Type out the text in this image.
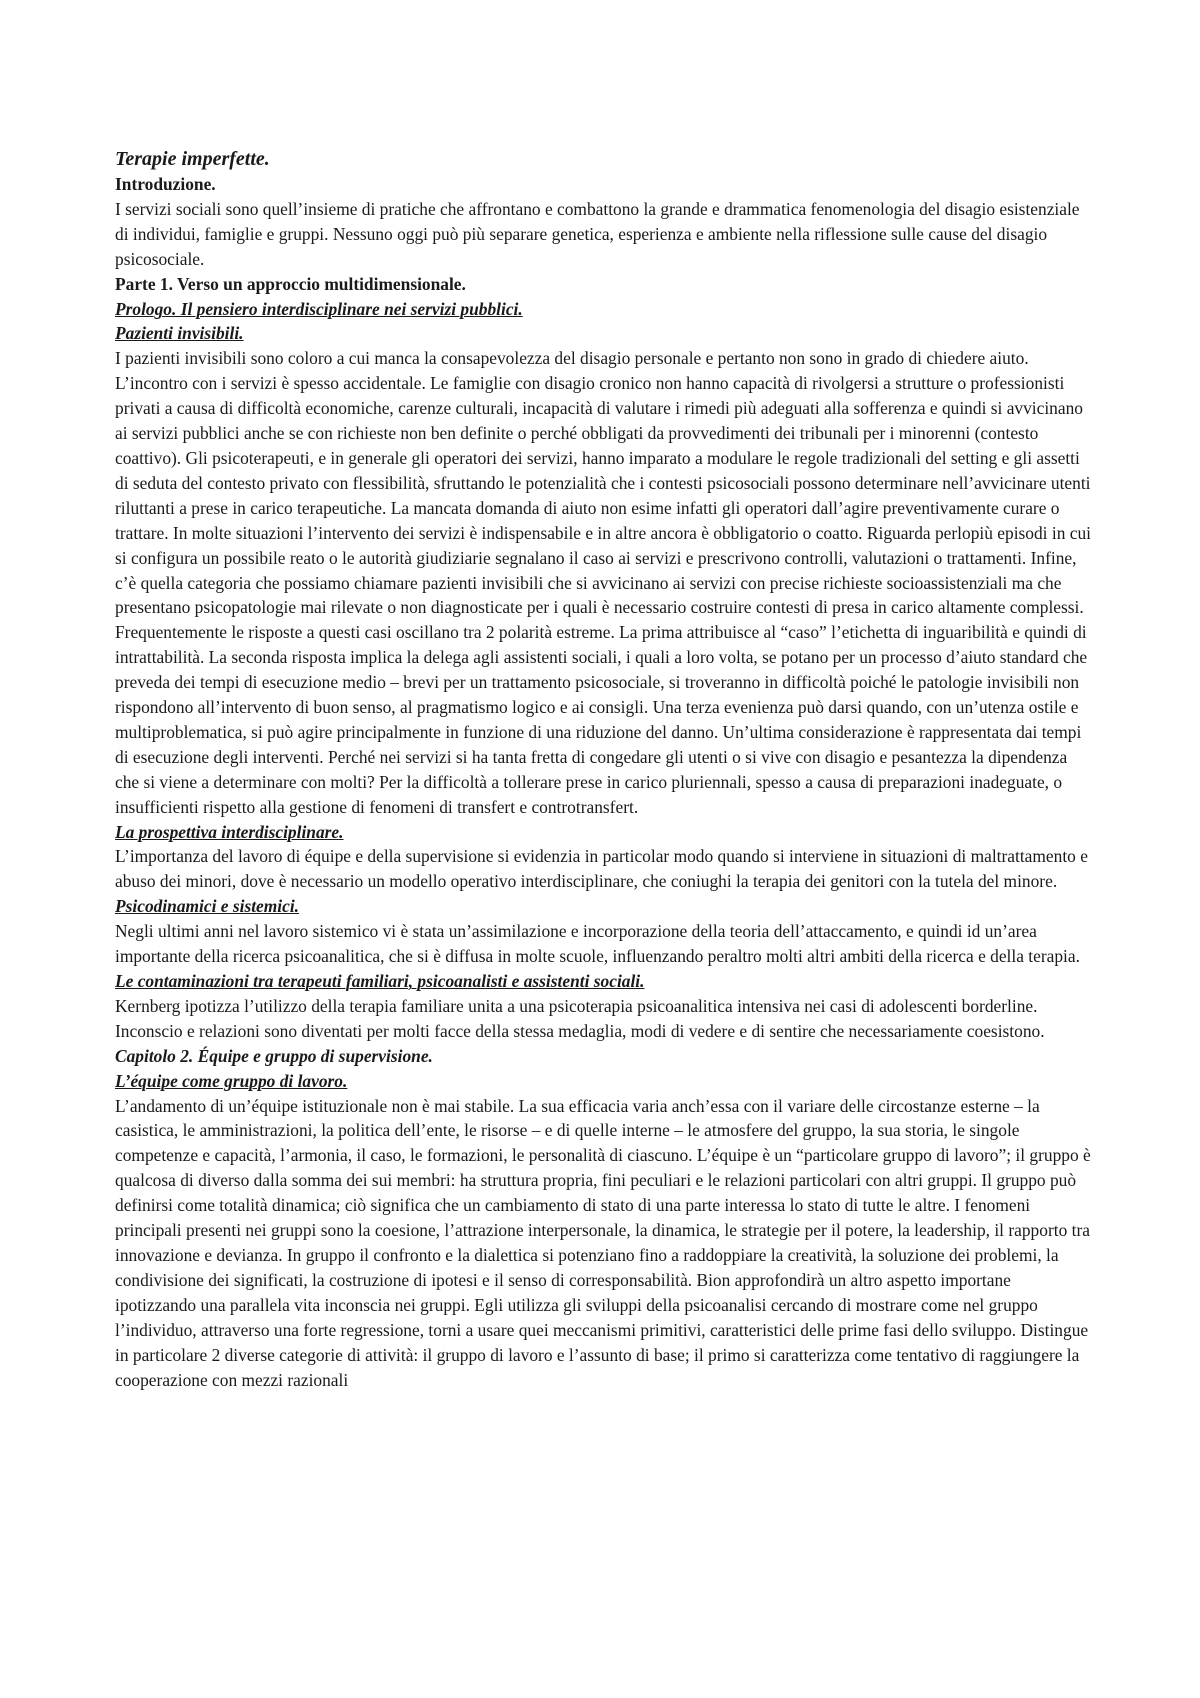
Terapie imperfette.

Introduzione.

I servizi sociali sono quell’insieme di pratiche che affrontano e combattono la grande e drammatica fenomenologia del disagio esistenziale di individui, famiglie e gruppi. Nessuno oggi può più separare genetica, esperienza e ambiente nella riflessione sulle cause del disagio psicosociale.

Parte 1. Verso un approccio multidimensionale.

Prologo. Il pensiero interdisciplinare nei servizi pubblici.

Pazienti invisibili.

I pazienti invisibili sono coloro a cui manca la consapevolezza del disagio personale e pertanto non sono in grado di chiedere aiuto. L’incontro con i servizi è spesso accidentale. Le famiglie con disagio cronico non hanno capacità di rivolgersi a strutture o professionisti privati a causa di difficoltà economiche, carenze culturali, incapacità di valutare i rimedi più adeguati alla sofferenza e quindi si avvicinano ai servizi pubblici anche se con richieste non ben definite o perché obbligati da provvedimenti dei tribunali per i minorenni (contesto coattivo). Gli psicoterapeuti, e in generale gli operatori dei servizi, hanno imparato a modulare le regole tradizionali del setting e gli assetti di seduta del contesto privato con flessibilità, sfruttando le potenzialità che i contesti psicosociali possono determinare nell’avvicinare utenti riluttanti a prese in carico terapeutiche. La mancata domanda di aiuto non esime infatti gli operatori dall’agire preventivamente curare o trattare. In molte situazioni l’intervento dei servizi è indispensabile e in altre ancora è obbligatorio o coatto. Riguarda perlopiù episodi in cui si configura un possibile reato o le autorità giudiziarie segnalano il caso ai servizi e prescrivono controlli, valutazioni o trattamenti. Infine, c’è quella categoria che possiamo chiamare pazienti invisibili che si avvicinano ai servizi con precise richieste socioassistenziali ma che presentano psicopatologie mai rilevate o non diagnosticate per i quali è necessario costruire contesti di presa in carico altamente complessi.

Frequentemente le risposte a questi casi oscillano tra 2 polarità estreme. La prima attribuisce al “caso” l’etichetta di inguaribilità e quindi di intrattabilità. La seconda risposta implica la delega agli assistenti sociali, i quali a loro volta, se potano per un processo d’aiuto standard che preveda dei tempi di esecuzione medio – brevi per un trattamento psicosociale, si troveranno in difficoltà poiché le patologie invisibili non rispondono all’intervento di buon senso, al pragmatismo logico e ai consigli. Una terza evenienza può darsi quando, con un’utenza ostile e multiproblematica, si può agire principalmente in funzione di una riduzione del danno. Un’ultima considerazione è rappresentata dai tempi di esecuzione degli interventi. Perché nei servizi si ha tanta fretta di congedare gli utenti o si vive con disagio e pesantezza la dipendenza che si viene a determinare con molti? Per la difficoltà a tollerare prese in carico pluriennali, spesso a causa di preparazioni inadeguate, o insufficienti rispetto alla gestione di fenomeni di transfert e controtransfert.

La prospettiva interdisciplinare.

L’importanza del lavoro di équipe e della supervisione si evidenzia in particolar modo quando si interviene in situazioni di maltrattamento e abuso dei minori, dove è necessario un modello operativo interdisciplinare, che coniughi la terapia dei genitori con la tutela del minore.

Psicodinamici e sistemici.

Negli ultimi anni nel lavoro sistemico vi è stata un’assimilazione e incorporazione della teoria dell’attaccamento, e quindi id un’area importante della ricerca psicoanalitica, che si è diffusa in molte scuole, influenzando peraltro molti altri ambiti della ricerca e della terapia.

Le contaminazioni tra terapeuti familiari, psicoanalisti e assistenti sociali.

Kernberg ipotizza l’utilizzo della terapia familiare unita a una psicoterapia psicoanalitica intensiva nei casi di adolescenti borderline. Inconscio e relazioni sono diventati per molti facce della stessa medaglia, modi di vedere e di sentire che necessariamente coesistono.

Capitolo 2. Équipe e gruppo di supervisione.

L’équipe come gruppo di lavoro.

L’andamento di un’équipe istituzionale non è mai stabile. La sua efficacia varia anch’essa con il variare delle circostanze esterne – la casistica, le amministrazioni, la politica dell’ente, le risorse – e di quelle interne – le atmosfere del gruppo, la sua storia, le singole competenze e capacità, l’armonia, il caso, le formazioni, le personalità di ciascuno. L’équipe è un “particolare gruppo di lavoro”; il gruppo è qualcosa di diverso dalla somma dei sui membri: ha struttura propria, fini peculiari e le relazioni particolari con altri gruppi. Il gruppo può definirsi come totalità dinamica; ciò significa che un cambiamento di stato di una parte interessa lo stato di tutte le altre. I fenomeni principali presenti nei gruppi sono la coesione, l’attrazione interpersonale, la dinamica, le strategie per il potere, la leadership, il rapporto tra innovazione e devianza. In gruppo il confronto e la dialettica si potenziano fino a raddoppiare la creatività, la soluzione dei problemi, la condivisione dei significati, la costruzione di ipotesi e il senso di corresponsabilità. Bion approfondirà un altro aspetto importane ipotizzando una parallela vita inconscia nei gruppi. Egli utilizza gli sviluppi della psicoanalisi cercando di mostrare come nel gruppo l’individuo, attraverso una forte regressione, torni a usare quei meccanismi primitivi, caratteristici delle prime fasi dello sviluppo. Distingue in particolare 2 diverse categorie di attività: il gruppo di lavoro e l’assunto di base; il primo si caratterizza come tentativo di raggiungere la cooperazione con mezzi razionali
